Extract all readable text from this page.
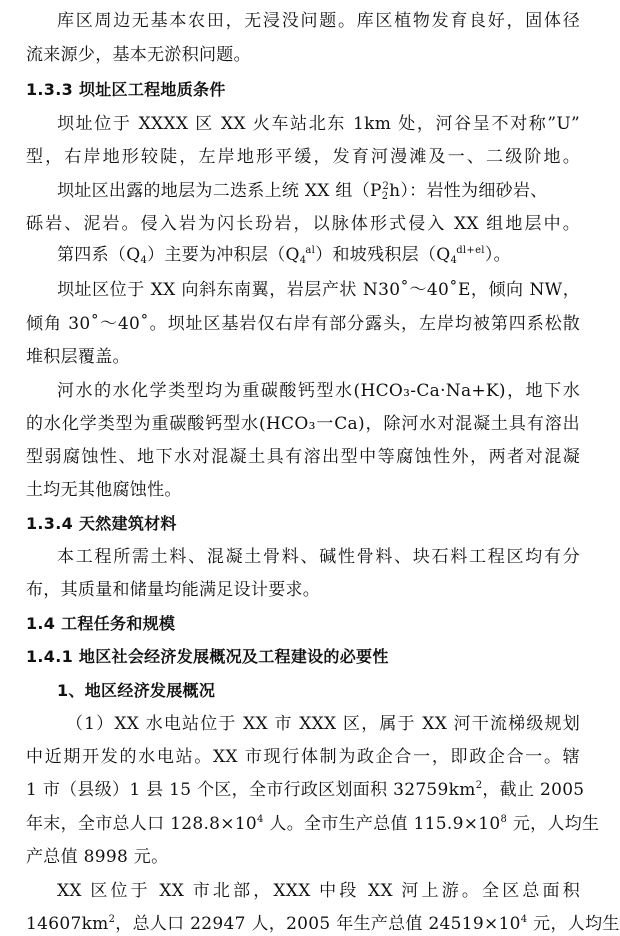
库区周边无基本农田，无浸没问题。库区植物发育良好，固体径
流来源少，基本无淤积问题。
1.3.3 坝址区工程地质条件
坝址位于 XXXX 区 XX 火车站北东 1km 处，河谷呈不对称”U”
型，右岸地形较陡，左岸地形平缓，发育河漫滩及一、二级阶地。
坝址区出露的地层为二迭系上统 XX 组$(P_2^2h)$：岩性为细砂岩、
砾岩、泥岩。侵入岩为闪长玢岩，以脉体形式侵入 XX 组地层中。
第四系$(Q_4)$主要为冲积层$(Q_4^{al})$和坡残积层$(Q_4^{dl+el})$。
坝址区位于 XX 向斜东南翼，岩层产状 N30˚～40˚E，倾向 NW，
倾角 30˚～40˚。坝址区基岩仅右岸有部分露头，左岸均被第四系松散
堆积层覆盖。
河水的水化学类型均为重碳酸钙型水(HCO₃-Ca·Na+K)，地下水
的水化学类型为重碳酸钙型水(HCO₃一Ca)，除河水对混凝土具有溶出
型弱腐蚀性、地下水对混凝土具有溶出型中等腐蚀性外，两者对混凝
土均无其他腐蚀性。
1.3.4 天然建筑材料
本工程所需土料、混凝土骨料、碱性骨料、块石料工程区均有分
布，其质量和储量均能满足设计要求。
1.4 工程任务和规模
1.4.1 地区社会经济发展概况及工程建设的必要性
1、地区经济发展概况
（1）XX 水电站位于 XX 市 XXX 区，属于 XX 河干流梯级规划
中近期开发的水电站。XX 市现行体制为政企合一，即政企合一。辖
1 市（县级）1 县 15 个区，全市行政区划面积 $32759km^2$，截止 2005
年末，全市总人口 $128.8\times 10^4$ 人。全市生产总值 $115.9\times 10^8$ 元，人均生
产总值 8998 元。
XX 区位于 XX 市北部，XXX 中段 XX 河上游。全区总面积
$14607km^2$，总人口 22947 人，2005 年生产总值 $24519\times 10^4$ 元，人均生
